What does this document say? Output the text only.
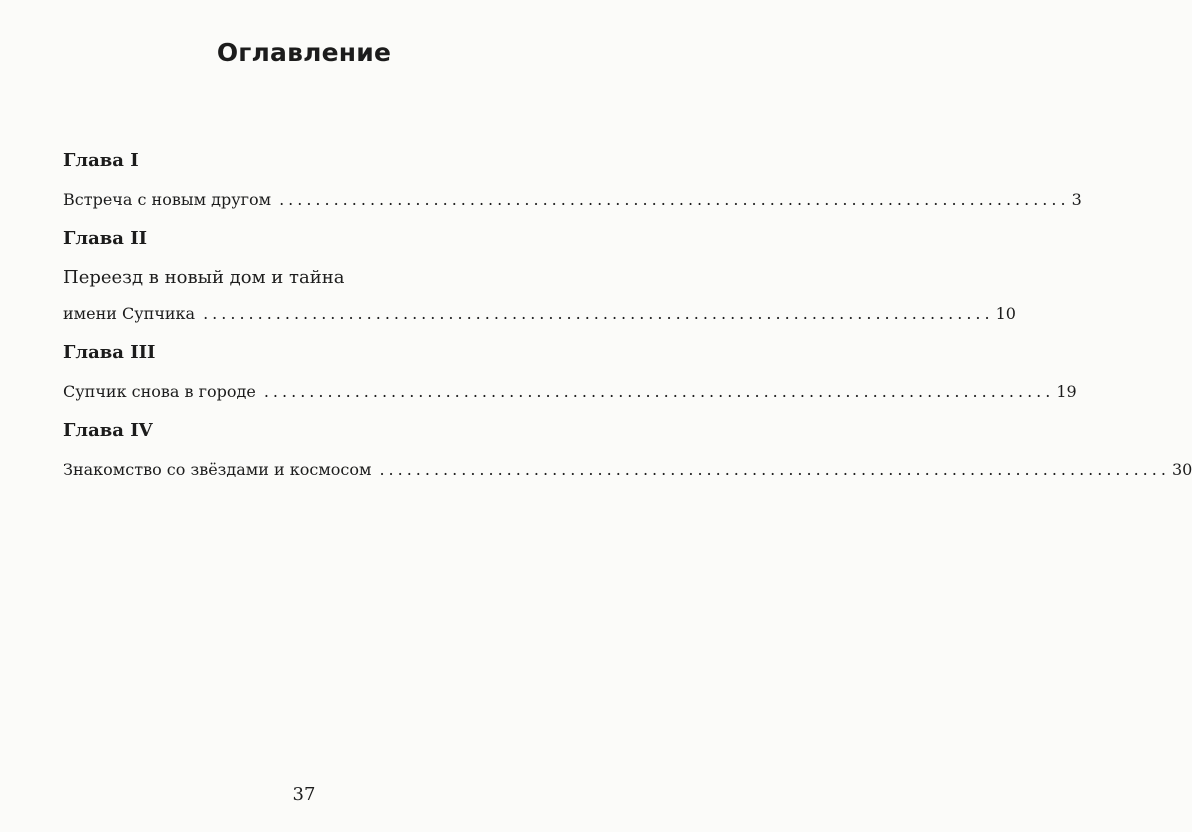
Оглавление
Глава I
Встреча с новым другом ....................................................................................... 3
Глава II
Переезд в новый дом и тайна
имени Супчика ....................................................................................... 10
Глава III
Супчик снова в городе ....................................................................................... 19
Глава IV
Знакомство со звёздами и космосом ....................................................................................... 30
37
